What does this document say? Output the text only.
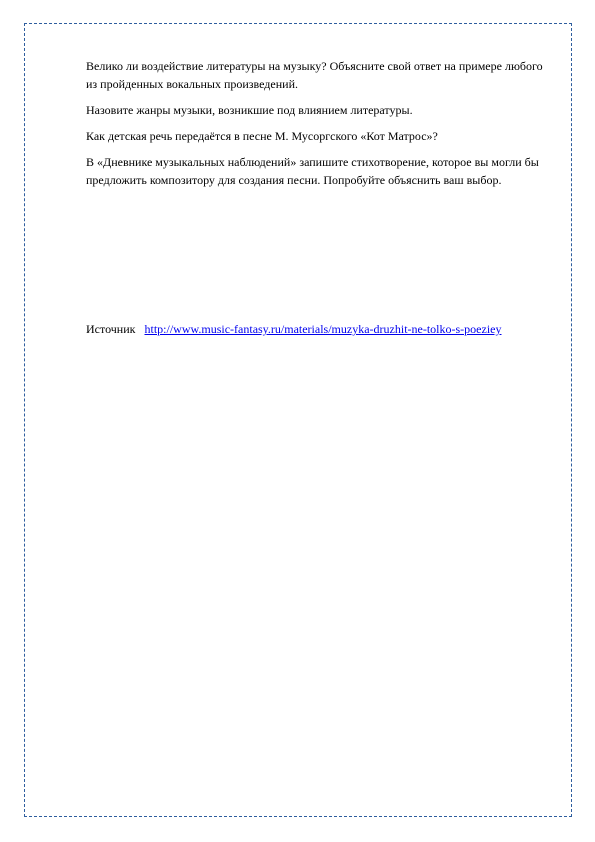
Велико ли воздействие литературы на музыку? Объясните свой ответ на примере любого из пройденных вокальных произведений.

Назовите жанры музыки, возникшие под влиянием литературы.

Как детская речь передаётся в песне М. Мусоргского «Кот Матрос»?

В «Дневнике музыкальных наблюдений» запишите стихотворение, которое вы могли бы предложить композитору для создания песни. Попробуйте объяснить ваш выбор.

Источник http://www.music-fantasy.ru/materials/muzyka-druzhit-ne-tolko-s-poeziey
